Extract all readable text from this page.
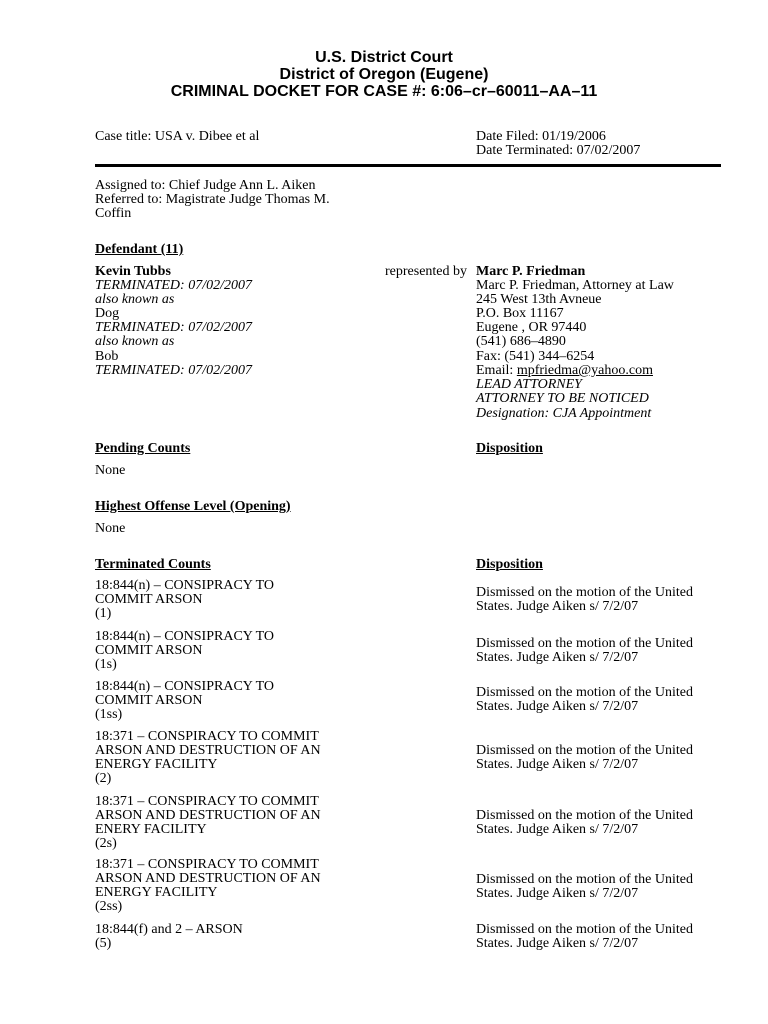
U.S. District Court
District of Oregon (Eugene)
CRIMINAL DOCKET FOR CASE #: 6:06–cr–60011–AA–11
Case title: USA v. Dibee et al	Date Filed: 01/19/2006
Date Terminated: 07/02/2007
Assigned to: Chief Judge Ann L. Aiken
Referred to: Magistrate Judge Thomas M.
Coffin
Defendant (11)
Kevin Tubbs
TERMINATED: 07/02/2007
also known as
Dog
TERMINATED: 07/02/2007
also known as
Bob
TERMINATED: 07/02/2007
represented by Marc P. Friedman
Marc P. Friedman, Attorney at Law
245 West 13th Avneue
P.O. Box 11167
Eugene , OR 97440
(541) 686–4890
Fax: (541) 344–6254
Email: mpfriedma@yahoo.com
LEAD ATTORNEY
ATTORNEY TO BE NOTICED
Designation: CJA Appointment
Pending Counts	Disposition
None
Highest Offense Level (Opening)
None
Terminated Counts	Disposition
18:844(n) – CONSIPRACY TO
COMMIT ARSON
(1)
Dismissed on the motion of the United
States. Judge Aiken s/ 7/2/07
18:844(n) – CONSIPRACY TO
COMMIT ARSON
(1s)
Dismissed on the motion of the United
States. Judge Aiken s/ 7/2/07
18:844(n) – CONSIPRACY TO
COMMIT ARSON
(1ss)
Dismissed on the motion of the United
States. Judge Aiken s/ 7/2/07
18:371 – CONSPIRACY TO COMMIT
ARSON AND DESTRUCTION OF AN
ENERGY FACILITY
(2)
Dismissed on the motion of the United
States. Judge Aiken s/ 7/2/07
18:371 – CONSPIRACY TO COMMIT
ARSON AND DESTRUCTION OF AN
ENERY FACILITY
(2s)
Dismissed on the motion of the United
States. Judge Aiken s/ 7/2/07
18:371 – CONSPIRACY TO COMMIT
ARSON AND DESTRUCTION OF AN
ENERGY FACILITY
(2ss)
Dismissed on the motion of the United
States. Judge Aiken s/ 7/2/07
18:844(f) and 2 – ARSON
(5)
Dismissed on the motion of the United
States. Judge Aiken s/ 7/2/07
